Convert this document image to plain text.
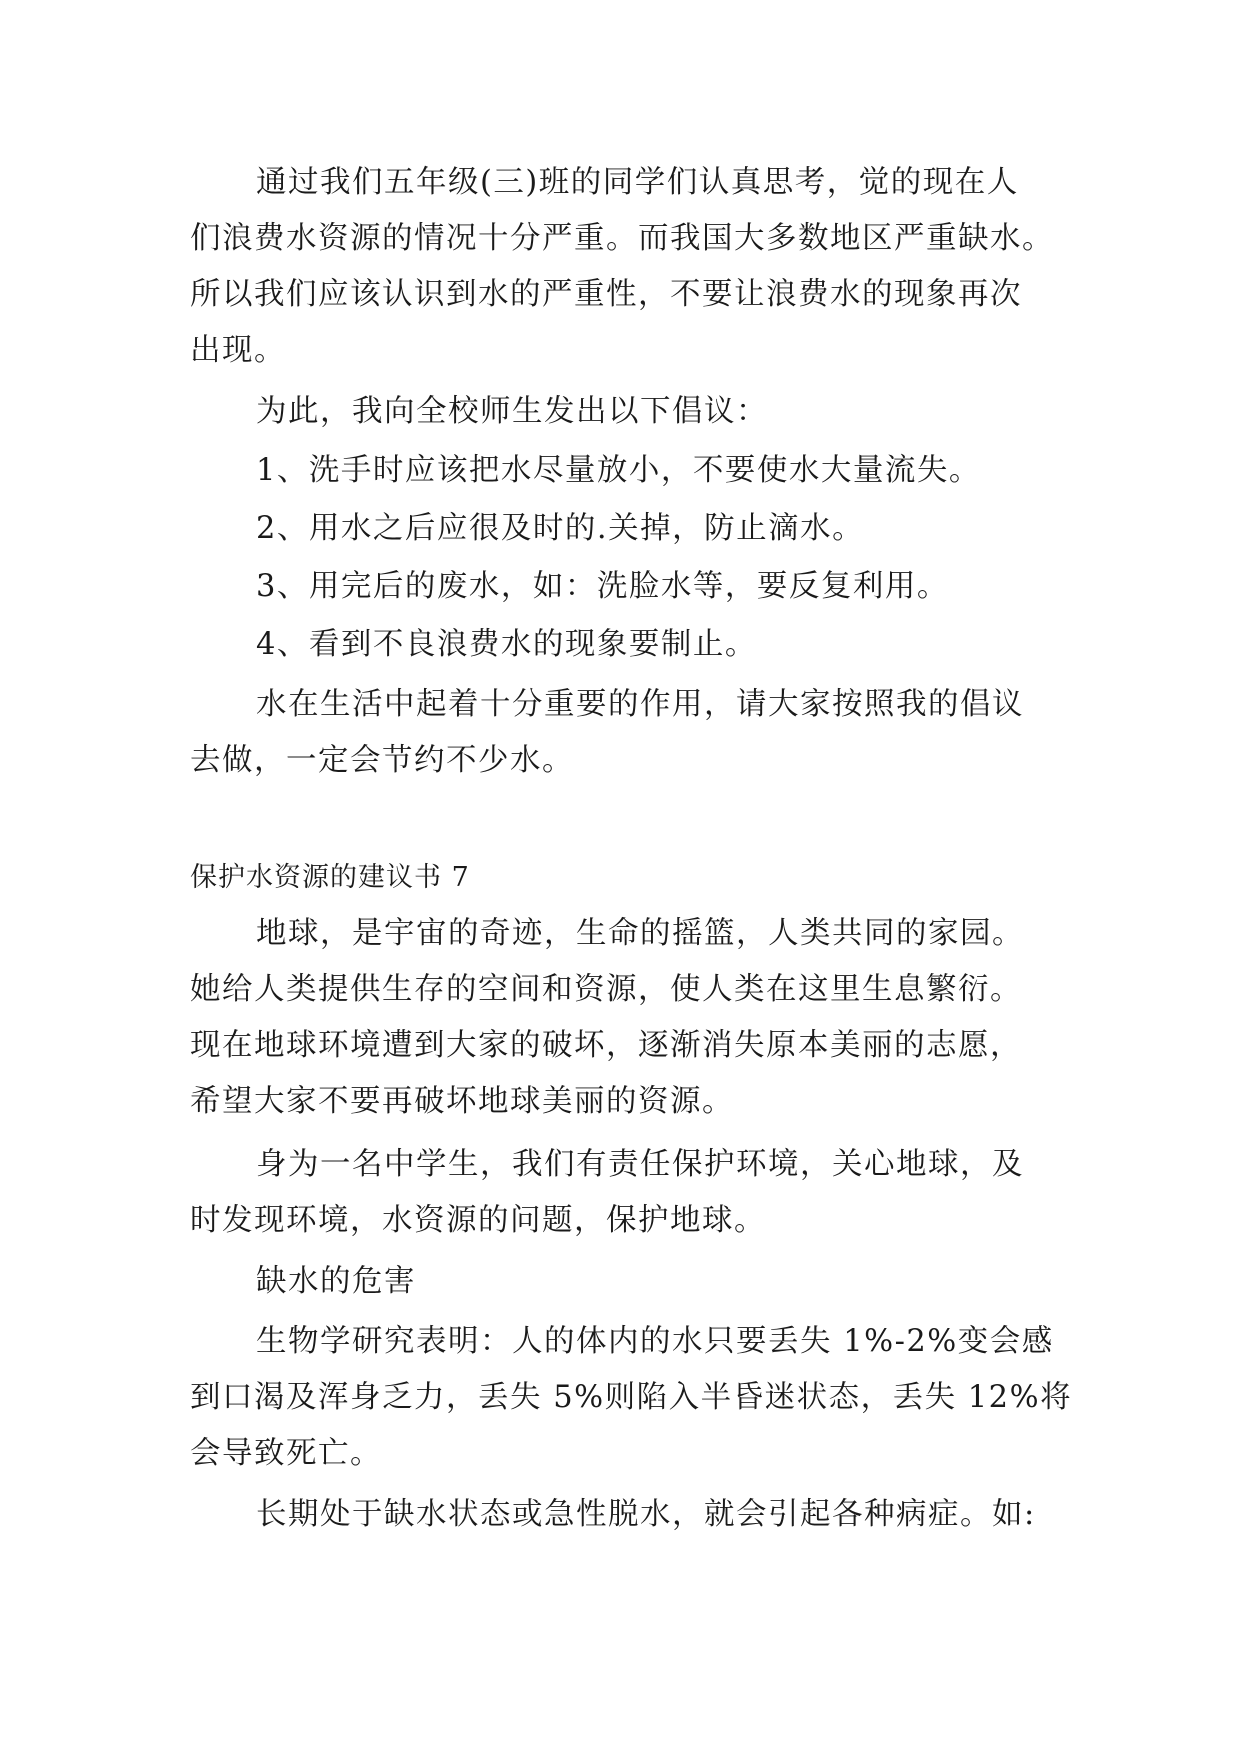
通过我们五年级(三)班的同学们认真思考，觉的现在人
们浪费水资源的情况十分严重。而我国大多数地区严重缺水。
所以我们应该认识到水的严重性，不要让浪费水的现象再次
出现。
为此，我向全校师生发出以下倡议：
1、洗手时应该把水尽量放小，不要使水大量流失。
2、用水之后应很及时的.关掉，防止滴水。
3、用完后的废水，如：洗脸水等，要反复利用。
4、看到不良浪费水的现象要制止。
水在生活中起着十分重要的作用，请大家按照我的倡议
去做，一定会节约不少水。
保护水资源的建议书 7
地球，是宇宙的奇迹，生命的摇篮，人类共同的家园。
她给人类提供生存的空间和资源，使人类在这里生息繁衍。
现在地球环境遭到大家的破坏，逐渐消失原本美丽的志愿，
希望大家不要再破坏地球美丽的资源。
身为一名中学生，我们有责任保护环境，关心地球，及
时发现环境，水资源的问题，保护地球。
缺水的危害
生物学研究表明：人的体内的水只要丢失 1%-2%变会感
到口渴及浑身乏力，丢失 5%则陷入半昏迷状态，丢失 12%将
会导致死亡。
长期处于缺水状态或急性脱水，就会引起各种病症。如:
